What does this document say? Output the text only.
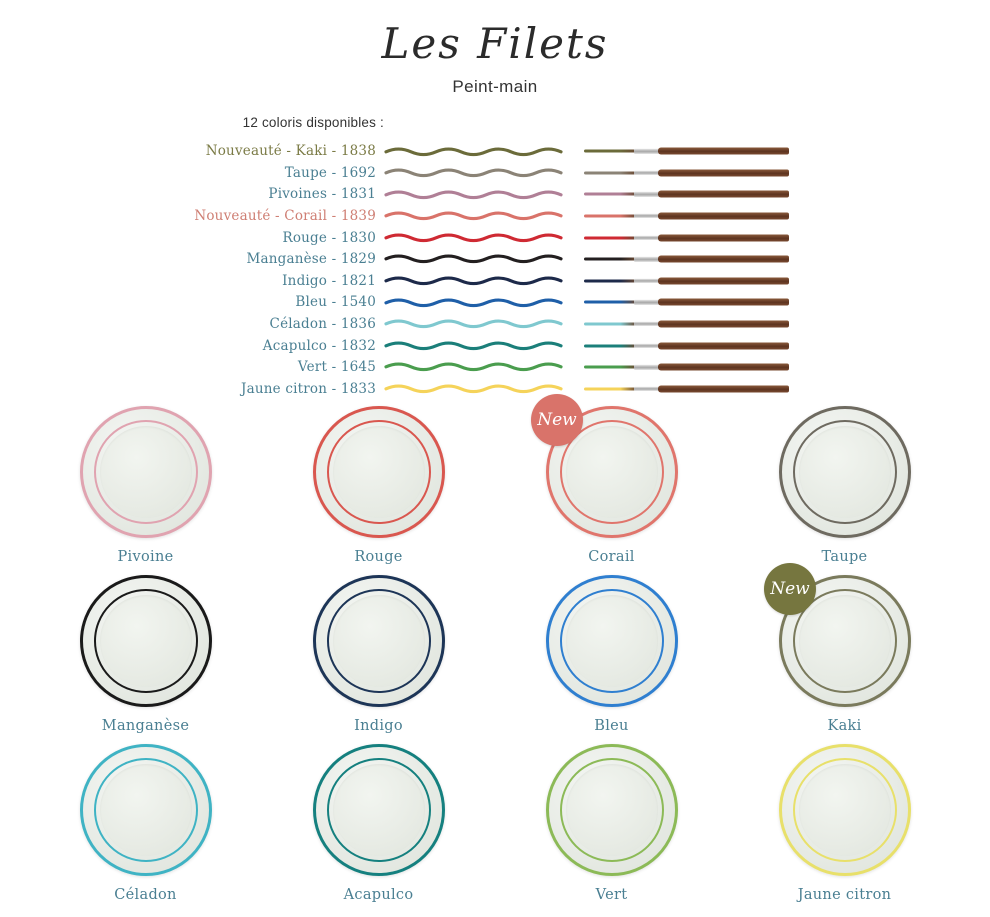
Les Filets
Peint-main
12 coloris disponibles :
Nouveauté - Kaki - 1838
Taupe - 1692
Pivoines - 1831
Nouveauté - Corail - 1839
Rouge - 1830
Manganèse - 1829
Indigo - 1821
Bleu - 1540
Céladon - 1836
Acapulco - 1832
Vert - 1645
Jaune citron - 1833
Pivoine	Rouge
New
Corail	Taupe
Manganèse	Indigo	Bleu
New
Kaki
Céladon	Acapulco	Vert	Jaune citron
